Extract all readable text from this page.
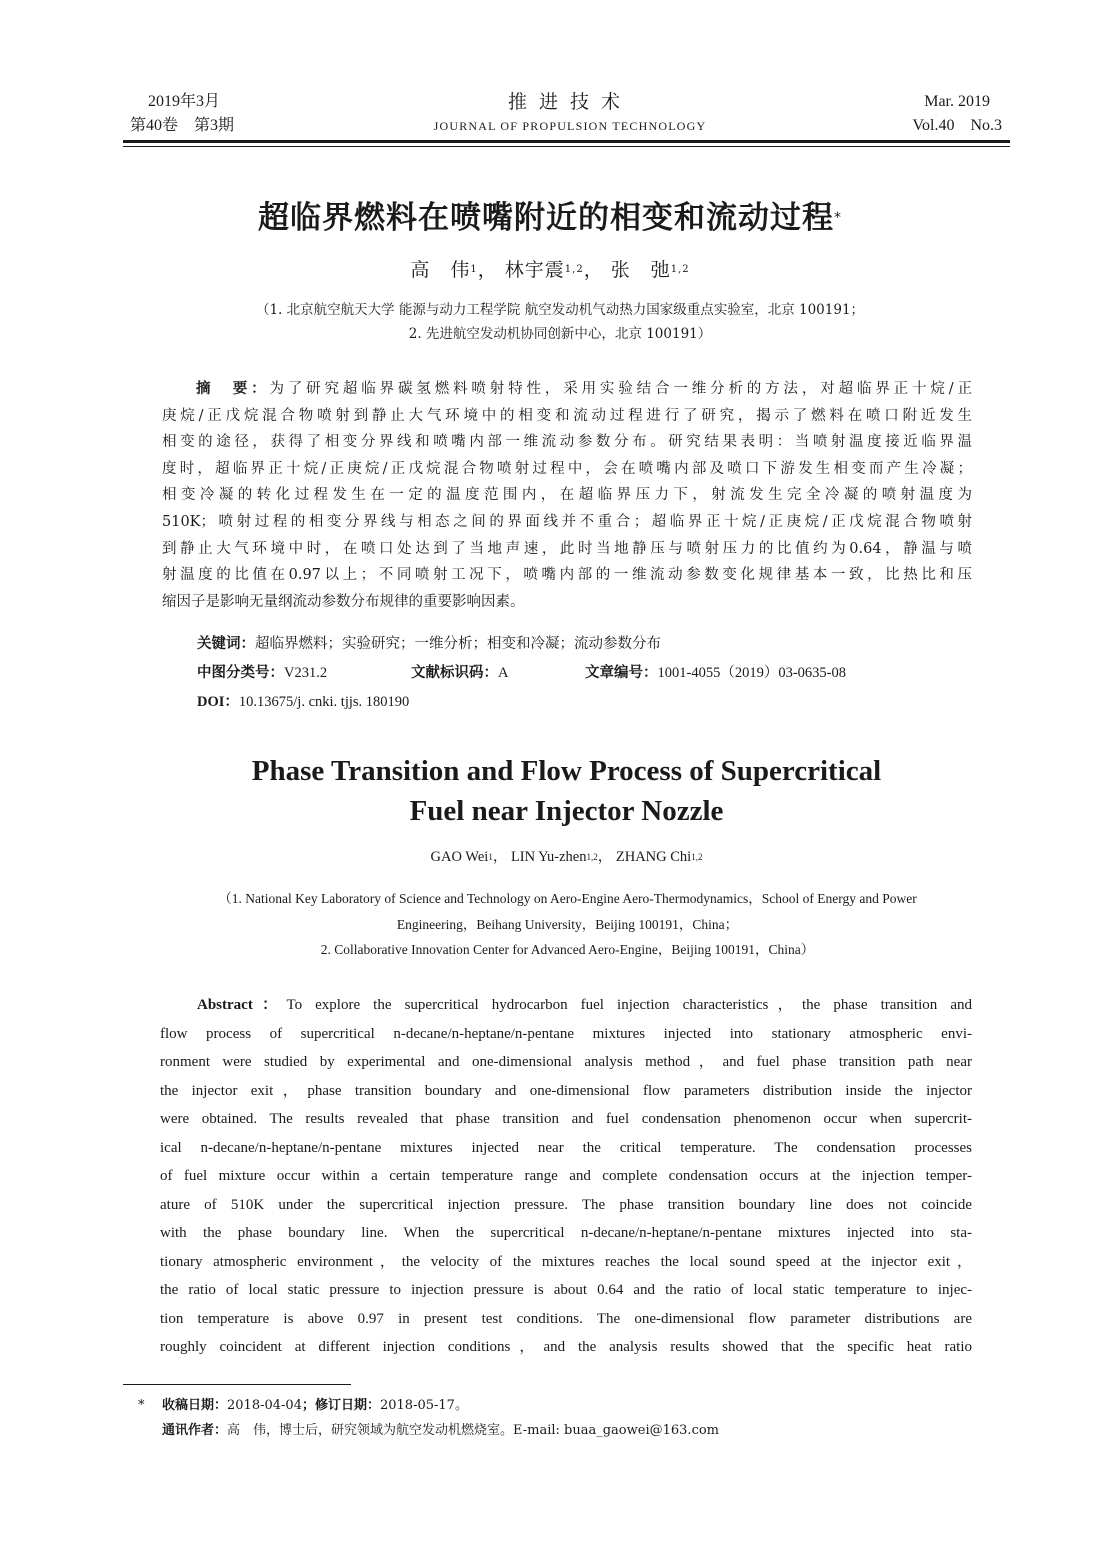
2019年3月
第40卷　第3期
推进技术
JOURNAL OF PROPULSION TECHNOLOGY
Mar. 2019
Vol.40　No.3
超临界燃料在喷嘴附近的相变和流动过程*
高　伟$^1$， 林宇震$^{1,2}$， 张　弛$^{1,2}$
（1. 北京航空航天大学 能源与动力工程学院 航空发动机气动热力国家级重点实验室，北京 100191；
2. 先进航空发动机协同创新中心，北京 100191）
摘　要：为了研究超临界碳氢燃料喷射特性，采用实验结合一维分析的方法，对超临界正十烷/正
庚烷/正戊烷混合物喷射到静止大气环境中的相变和流动过程进行了研究，揭示了燃料在喷口附近发生
相变的途径，获得了相变分界线和喷嘴内部一维流动参数分布。研究结果表明：当喷射温度接近临界温
度时，超临界正十烷/正庚烷/正戊烷混合物喷射过程中，会在喷嘴内部及喷口下游发生相变而产生冷凝；
相变冷凝的转化过程发生在一定的温度范围内，在超临界压力下，射流发生完全冷凝的喷射温度为
510K；喷射过程的相变分界线与相态之间的界面线并不重合；超临界正十烷/正庚烷/正戊烷混合物喷射
到静止大气环境中时，在喷口处达到了当地声速，此时当地静压与喷射压力的比值约为0.64，静温与喷
射温度的比值在0.97以上；不同喷射工况下，喷嘴内部的一维流动参数变化规律基本一致，比热比和压
缩因子是影响无量纲流动参数分布规律的重要影响因素。
关键词：超临界燃料；实验研究；一维分析；相变和冷凝；流动参数分布
中图分类号：V231.2	文献标识码：A	文章编号：1001-4055（2019）03-0635-08
DOI：10.13675/j. cnki. tjjs. 180190
Phase Transition and Flow Process of Supercritical
Fuel near Injector Nozzle
GAO Wei$^1$， LIN Yu-zhen$^{1,2}$， ZHANG Chi$^{1,2}$
（1. National Key Laboratory of Science and Technology on Aero-Engine Aero-Thermodynamics，School of Energy and Power
Engineering，Beihang University，Beijing 100191，China；
2. Collaborative Innovation Center for Advanced Aero-Engine，Beijing 100191，China）
Abstract：To explore the supercritical hydrocarbon fuel injection characteristics，the phase transition and
flow process of supercritical n-decane/n-heptane/n-pentane mixtures injected into stationary atmospheric envi-
ronment were studied by experimental and one-dimensional analysis method，and fuel phase transition path near
the injector exit，phase transition boundary and one-dimensional flow parameters distribution inside the injector
were obtained. The results revealed that phase transition and fuel condensation phenomenon occur when supercrit-
ical n-decane/n-heptane/n-pentane mixtures injected near the critical temperature. The condensation processes
of fuel mixture occur within a certain temperature range and complete condensation occurs at the injection temper-
ature of 510K under the supercritical injection pressure. The phase transition boundary line does not coincide
with the phase boundary line. When the supercritical n-decane/n-heptane/n-pentane mixtures injected into sta-
tionary atmospheric environment，the velocity of the mixtures reaches the local sound speed at the injector exit，
the ratio of local static pressure to injection pressure is about 0.64 and the ratio of local static temperature to injec-
tion temperature is above 0.97 in present test conditions. The one-dimensional flow parameter distributions are
roughly coincident at different injection conditions，and the analysis results showed that the specific heat ratio
* 收稿日期：2018-04-04；修订日期：2018-05-17。
通讯作者：高　伟，博士后，研究领域为航空发动机燃烧室。E-mail: buaa_gaowei@163.com
